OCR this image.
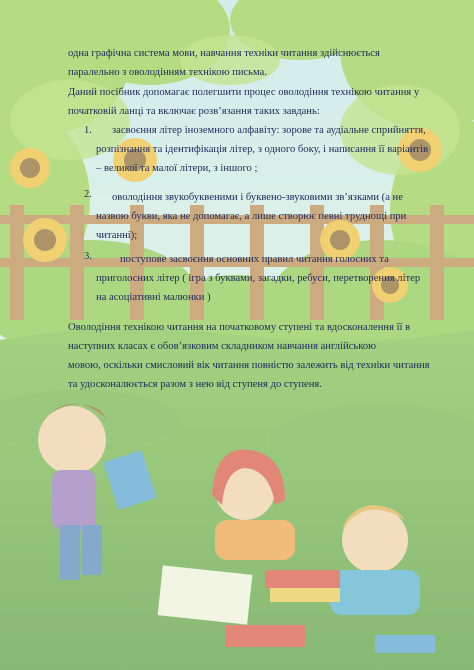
одна графічна система мови, навчання техніки читання здійснюється
паралельно з оволодінням технікою письма.
Даний посібник допомагає полегшити процес оволодіння технікою читання у
початковій ланці та включає розв’язання таких завдань:
1. засвоєння літер іноземного алфавіту: зорове та аудіальне сприйняття,
розпізнання та ідентифікація літер, з одного боку, і написання її варіантів
– великої та малої літери, з іншого ;
2. оволодіння звукобуквеними і буквено-звуковими зв’язками (а не
назвою букви, яка не допомагає, а лише створює певні труднощі при
читанні);
3.	поступове засвоєння основних правил читання голосних та
приголосних літер ( ігра з буквами, загадки, ребуси, перетворення літер
на асоціативні малюнки )
Оволодіння технікою читання на початковому ступені та вдосконалення її в
наступних класах є обов’язковим складником навчання англійською
мовою, оскільки смисловий вік читання повністю залежить від техніки читання
та удосконалюється разом з нею від ступеня до ступеня.
